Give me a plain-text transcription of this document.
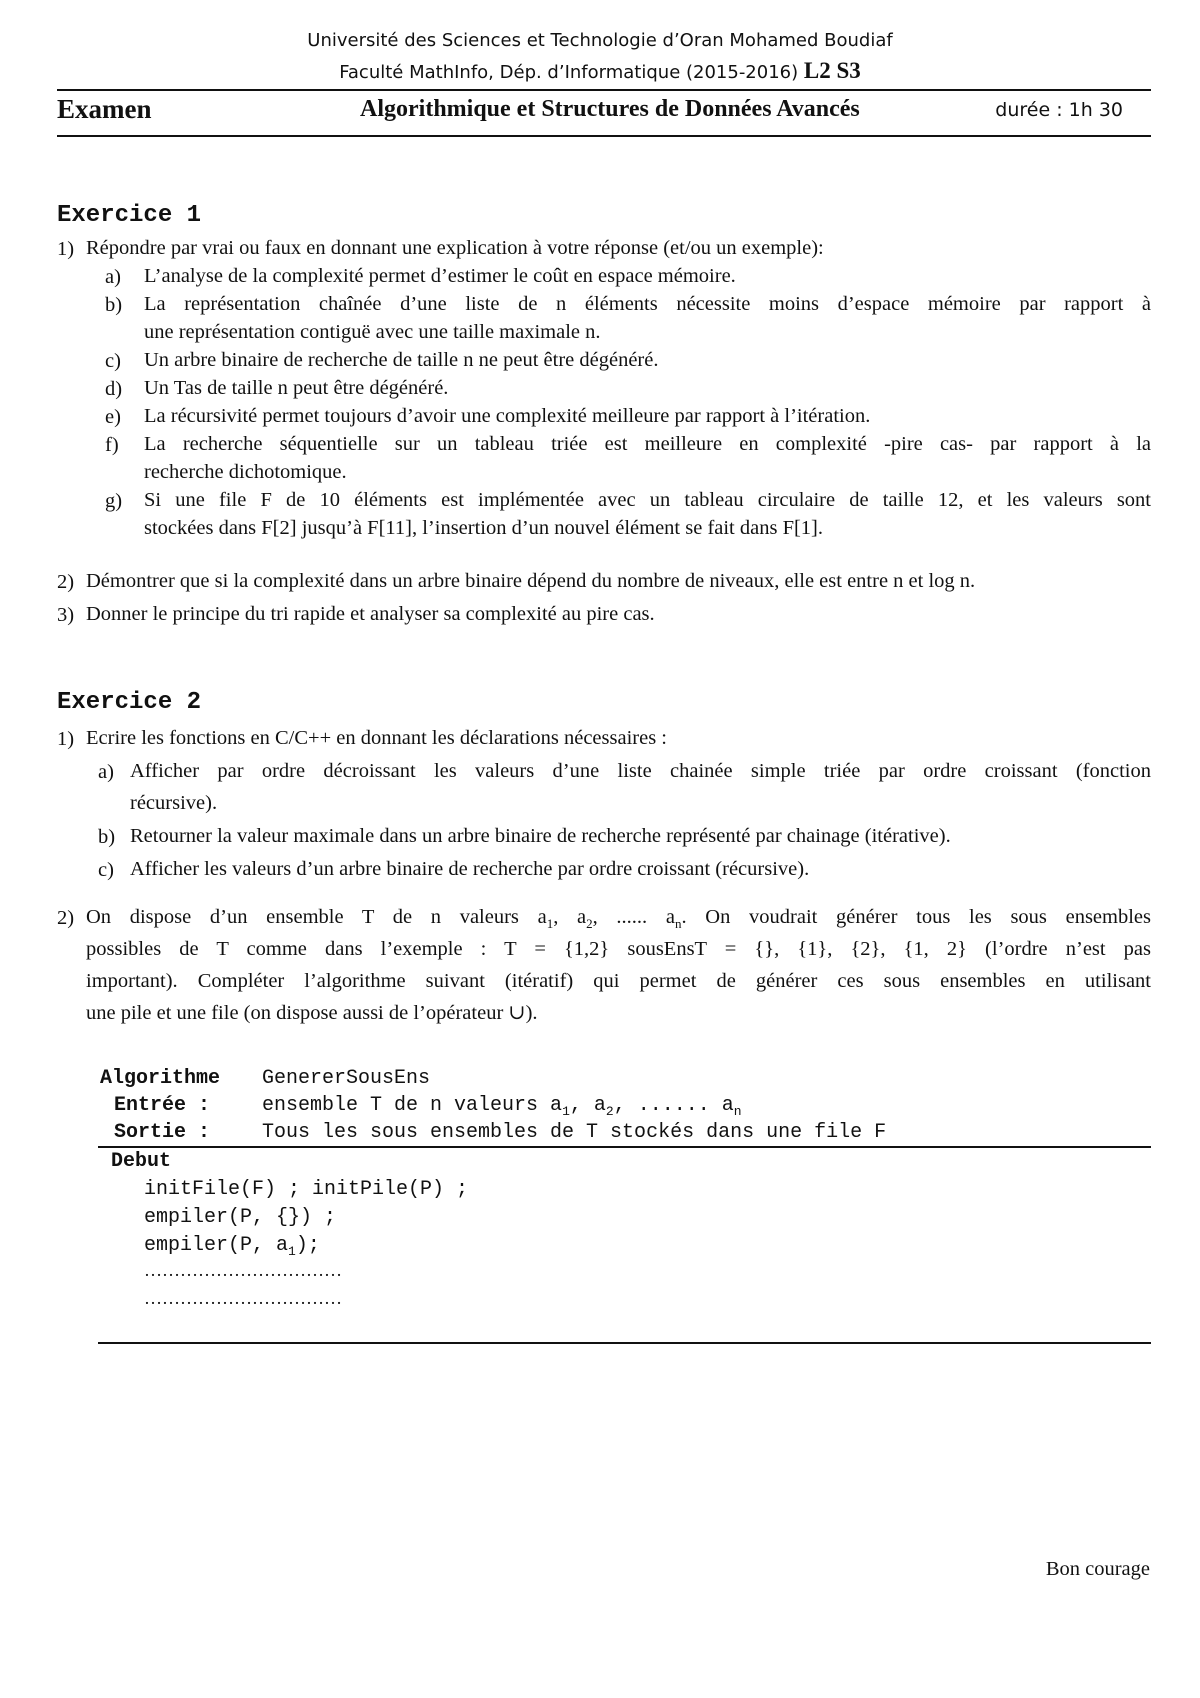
Université des Sciences et Technologie d’Oran Mohamed Boudiaf
Faculté MathInfo, Dép. d’Informatique (2015-2016) L2 S3
Examen	Algorithmique et Structures de Données Avancés	durée : 1h 30
Exercice 1
1) Répondre par vrai ou faux en donnant une explication à votre réponse (et/ou un exemple):
a) L’analyse de la complexité permet d’estimer le coût en espace mémoire.
b) La représentation chaînée d’une liste de n éléments nécessite moins d’espace mémoire par rapport à
une représentation contiguë avec une taille maximale n.
c) Un arbre binaire de recherche de taille n ne peut être dégénéré.
d) Un Tas de taille n peut être dégénéré.
e) La récursivité permet toujours d’avoir une complexité meilleure par rapport à l’itération.
f) La recherche séquentielle sur un tableau triée est meilleure en complexité -pire cas- par rapport à la
recherche dichotomique.
g) Si une file F de 10 éléments est implémentée avec un tableau circulaire de taille 12, et les valeurs sont
stockées dans F[2] jusqu’à F[11], l’insertion d’un nouvel élément se fait dans F[1].
2) Démontrer que si la complexité dans un arbre binaire dépend du nombre de niveaux, elle est entre n et log n.
3) Donner le principe du tri rapide et analyser sa complexité au pire cas.
Exercice 2
1) Ecrire les fonctions en C/C++ en donnant les déclarations nécessaires :
a) Afficher par ordre décroissant les valeurs d’une liste chainée simple triée par ordre croissant (fonction
récursive).
b) Retourner la valeur maximale dans un arbre binaire de recherche représenté par chainage (itérative).
c) Afficher les valeurs d’un arbre binaire de recherche par ordre croissant (récursive).
2) On dispose d’un ensemble T de n valeurs $a_1$, $a_2$, ...... $a_n$. On voudrait générer tous les sous ensembles
possibles de T comme dans l’exemple : T = {1,2} sousEnsT = {}, {1}, {2}, {1, 2} (l’ordre n’est pas
important). Compléter l’algorithme suivant (itératif) qui permet de générer ces sous ensembles en utilisant
une pile et une file (on dispose aussi de l’opérateur ∪).
Algorithme GenererSousEns
Entrée :	ensemble T de n valeurs $a_1$, $a_2$, ...... $a_n$
Sortie :	Tous les sous ensembles de T stockés dans une file F
Debut
initFile(F) ; initPile(P) ;
empiler(P, {}) ;
empiler(P, $a_1$);
……………………………
……………………………
Bon courage
